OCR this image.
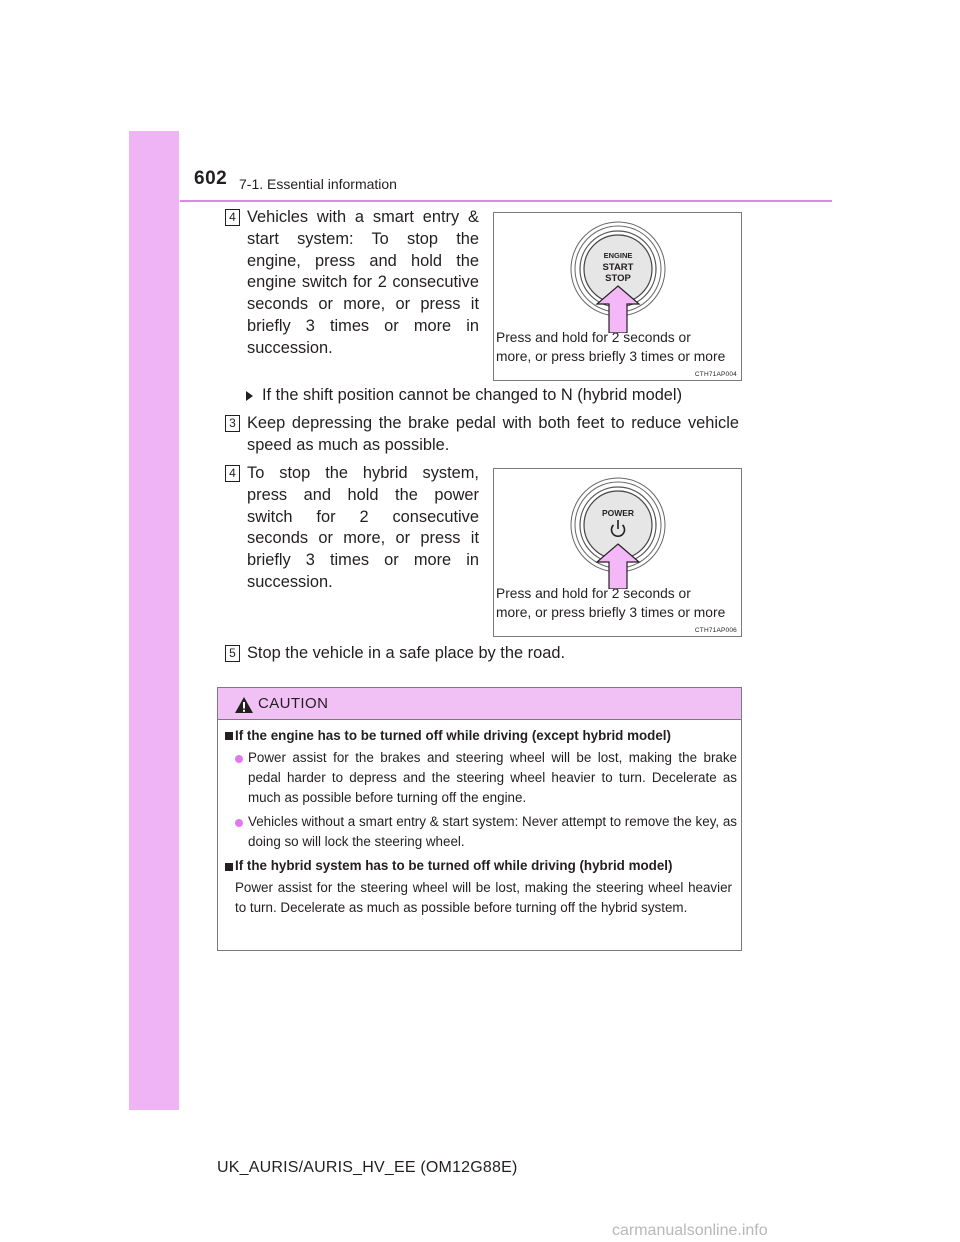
602 7-1. Essential information
4 Vehicles with a smart entry & start system: To stop the engine, press and hold the engine switch for 2 consecutive seconds or more, or press it briefly 3 times or more in succession.
ENGINE
START
STOP
Press and hold for 2 seconds or
more, or press briefly 3 times or more
CTH71AP004
If the shift position cannot be changed to N (hybrid model)
3 Keep depressing the brake pedal with both feet to reduce vehicle speed as much as possible.
4 To stop the hybrid system, press and hold the power switch for 2 consecutive seconds or more, or press it briefly 3 times or more in succession.
POWER
Press and hold for 2 seconds or
more, or press briefly 3 times or more
CTH71AP006
5 Stop the vehicle in a safe place by the road.
CAUTION
If the engine has to be turned off while driving (except hybrid model)
Power assist for the brakes and steering wheel will be lost, making the brake pedal harder to depress and the steering wheel heavier to turn. Decelerate as much as possible before turning off the engine.
Vehicles without a smart entry & start system: Never attempt to remove the key, as doing so will lock the steering wheel.
If the hybrid system has to be turned off while driving (hybrid model)
Power assist for the steering wheel will be lost, making the steering wheel heavier to turn. Decelerate as much as possible before turning off the hybrid system.
UK_AURIS/AURIS_HV_EE (OM12G88E)
carmanualsonline.info
